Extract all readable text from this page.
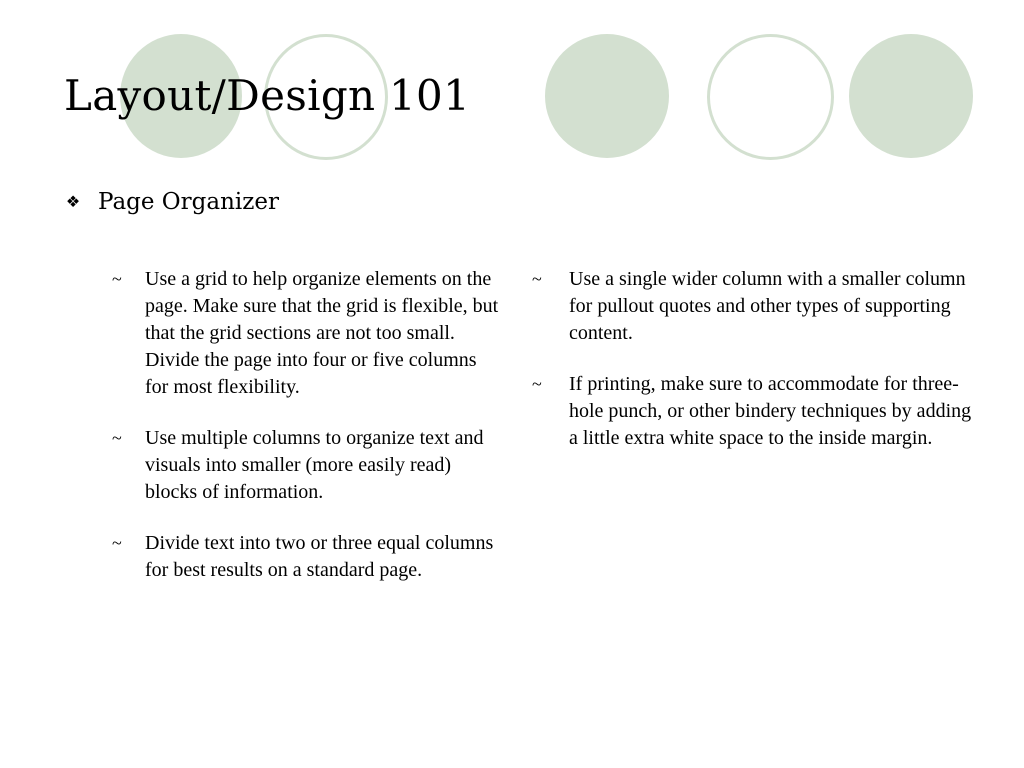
Layout/Design 101
❖ Page Organizer
~	Use a grid to help organize elements on the page. Make sure that the grid is flexible, but that the grid sections are not too small. Divide the page into four or five columns for most flexibility.
~	Use multiple columns to organize text and visuals into smaller (more easily read) blocks of information.
~	Divide text into two or three equal columns for best results on a standard page.
~	Use a single wider column with a smaller column for pullout quotes and other types of supporting content.
~	If printing, make sure to accommodate for three-hole punch, or other bindery techniques by adding a little extra white space to the inside margin.
